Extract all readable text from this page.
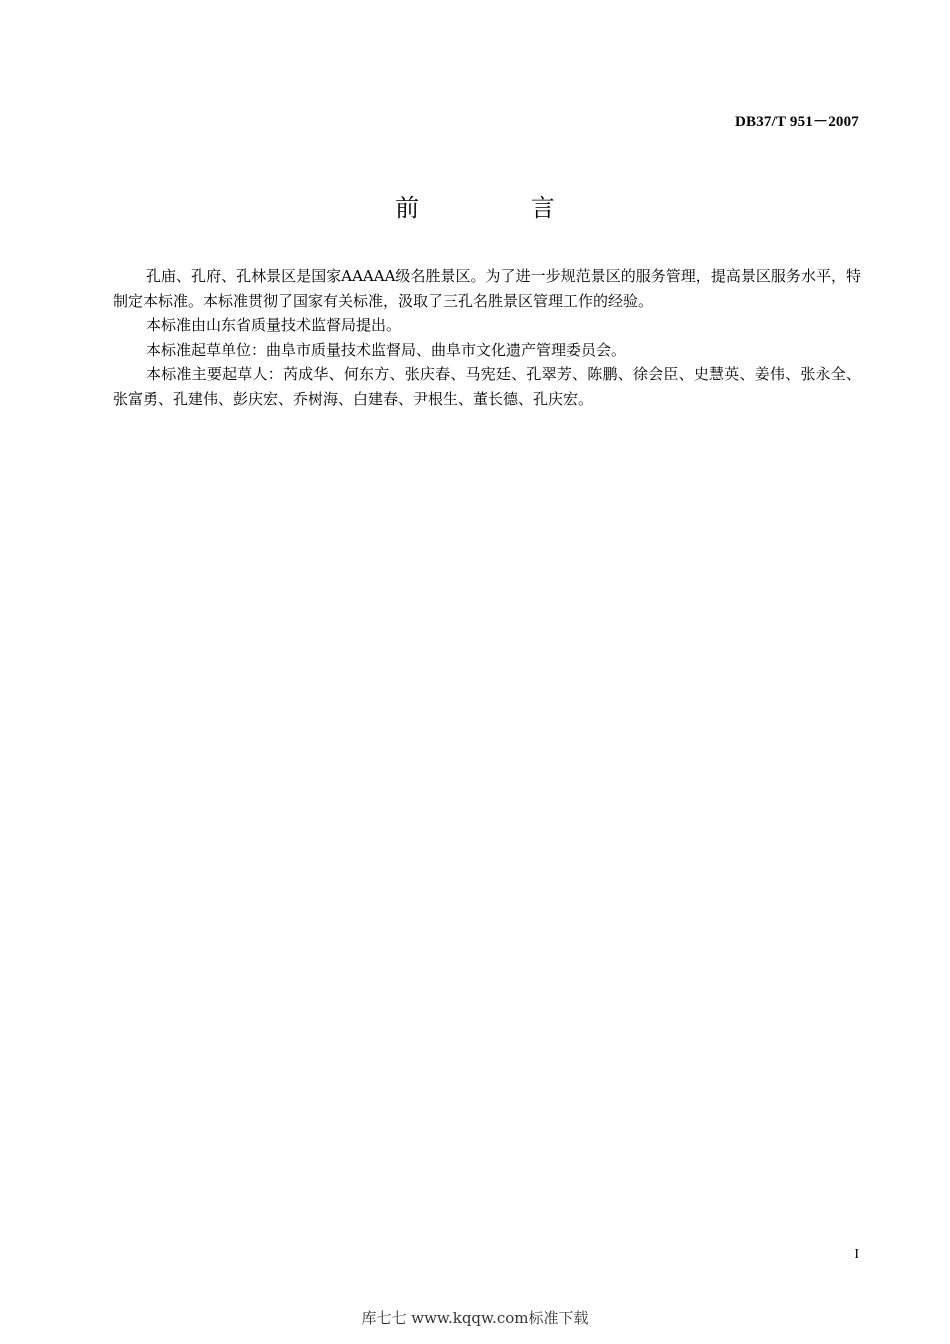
DB37/T 951－2007
前 言

孔庙、孔府、孔林景区是国家AAAAA级名胜景区。为了进一步规范景区的服务管理，提高景区服务水平，特制定本标准。本标准贯彻了国家有关标准，汲取了三孔名胜景区管理工作的经验。

本标准由山东省质量技术监督局提出。

本标准起草单位：曲阜市质量技术监督局、曲阜市文化遗产管理委员会。

本标准主要起草人：芮成华、何东方、张庆春、马宪廷、孔翠芳、陈鹏、徐会臣、史慧英、姜伟、张永全、张富勇、孔建伟、彭庆宏、乔树海、白建春、尹根生、董长德、孔庆宏。

I
库七七 www.kqqw.com标准下载
